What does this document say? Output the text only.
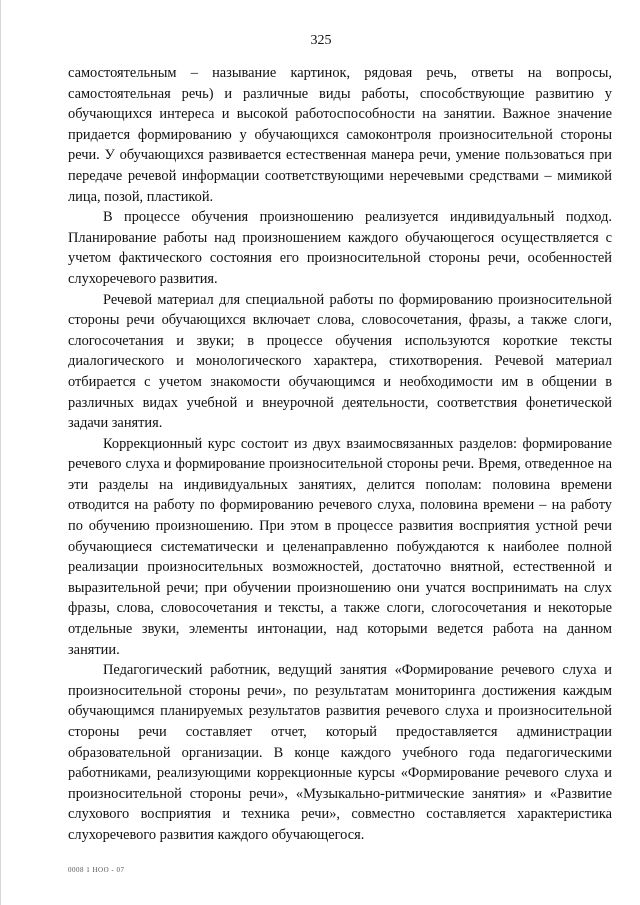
325

самостоятельным – называние картинок, рядовая речь, ответы на вопросы, самостоятельная речь) и различные виды работы, способствующие развитию у обучающихся интереса и высокой работоспособности на занятии. Важное значение придается формированию у обучающихся самоконтроля произносительной стороны речи. У обучающихся развивается естественная манера речи, умение пользоваться при передаче речевой информации соответствующими неречевыми средствами – мимикой лица, позой, пластикой.

В процессе обучения произношению реализуется индивидуальный подход. Планирование работы над произношением каждого обучающегося осуществляется с учетом фактического состояния его произносительной стороны речи, особенностей слухоречевого развития.

Речевой материал для специальной работы по формированию произносительной стороны речи обучающихся включает слова, словосочетания, фразы, а также слоги, слогосочетания и звуки; в процессе обучения используются короткие тексты диалогического и монологического характера, стихотворения. Речевой материал отбирается с учетом знакомости обучающимся и необходимости им в общении в различных видах учебной и внеурочной деятельности, соответствия фонетической задачи занятия.

Коррекционный курс состоит из двух взаимосвязанных разделов: формирование речевого слуха и формирование произносительной стороны речи. Время, отведенное на эти разделы на индивидуальных занятиях, делится пополам: половина времени отводится на работу по формированию речевого слуха, половина времени – на работу по обучению произношению. При этом в процессе развития восприятия устной речи обучающиеся систематически и целенаправленно побуждаются к наиболее полной реализации произносительных возможностей, достаточно внятной, естественной и выразительной речи; при обучении произношению они учатся воспринимать на слух фразы, слова, словосочетания и тексты, а также слоги, слогосочетания и некоторые отдельные звуки, элементы интонации, над которыми ведется работа на данном занятии.

Педагогический работник, ведущий занятия «Формирование речевого слуха и произносительной стороны речи», по результатам мониторинга достижения каждым обучающимся планируемых результатов развития речевого слуха и произносительной стороны речи составляет отчет, который предоставляется администрации образовательной организации. В конце каждого учебного года педагогическими работниками, реализующими коррекционные курсы «Формирование речевого слуха и произносительной стороны речи», «Музыкально-ритмические занятия» и «Развитие слухового восприятия и техника речи», совместно составляется характеристика слухоречевого развития каждого обучающегося.

0008 1 НОО - 07
